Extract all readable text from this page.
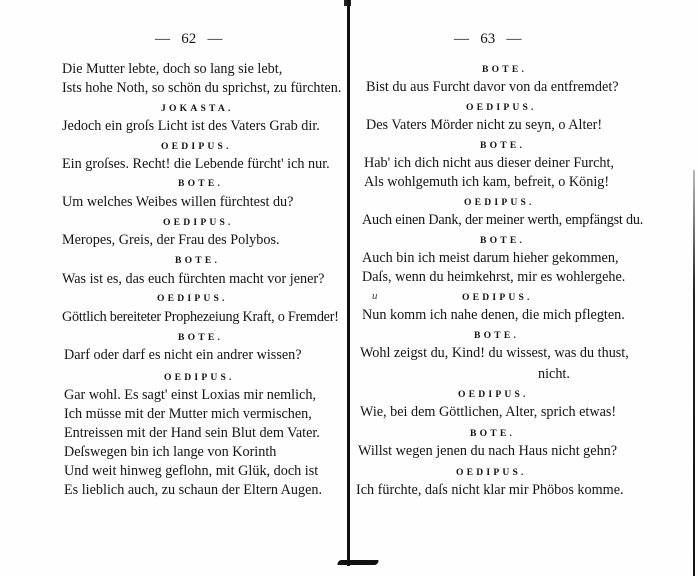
—   62   —
Die Mutter lebte, doch so lang sie lebt,
Ists hohe Noth, so schön du sprichst, zu fürchten.
JOKASTA.
Jedoch ein groſs Licht ist des Vaters Grab dir.
OEDIPUS.
Ein groſses. Recht! die Lebende fürcht' ich nur.
BOTE.
Um welches Weibes willen fürchtest du?
OEDIPUS.
Meropes, Greis, der Frau des Polybos.
BOTE.
Was ist es, das euch fürchten macht vor jener?
OEDIPUS.
Göttlich bereiteter Prophezeiung Kraft, o Fremder!
BOTE.
Darf oder darf es nicht ein andrer wissen?
OEDIPUS.
Gar wohl. Es sagt' einst Loxias mir nemlich,
Ich müsse mit der Mutter mich vermischen,
Entreissen mit der Hand sein Blut dem Vater.
Deſswegen bin ich lange von Korinth
Und weit hinweg geflohn, mit Glük, doch ist
Es lieblich auch, zu schaun der Eltern Augen.
—   63   —
BOTE.
Bist du aus Furcht davor von da entfremdet?
OEDIPUS.
Des Vaters Mörder nicht zu seyn, o Alter!
BOTE.
Hab' ich dich nicht aus dieser deiner Furcht,
Als wohlgemuth ich kam, befreit, o König!
OEDIPUS.
Auch einen Dank, der meiner werth, empfängst du.
BOTE.
Auch bin ich meist darum hieher gekommen,
Daſs, wenn du heimkehrst, mir es wohlergehe.
u	OEDIPUS.
Nun komm ich nahe denen, die mich pflegten.
BOTE.
Wohl zeigst du, Kind! du wissest, was du thust,
nicht.
OEDIPUS.
Wie, bei dem Göttlichen, Alter, sprich etwas!
BOTE.
Willst wegen jenen du nach Haus nicht gehn?
OEDIPUS.
Ich fürchte, daſs nicht klar mir Phöbos komme.
